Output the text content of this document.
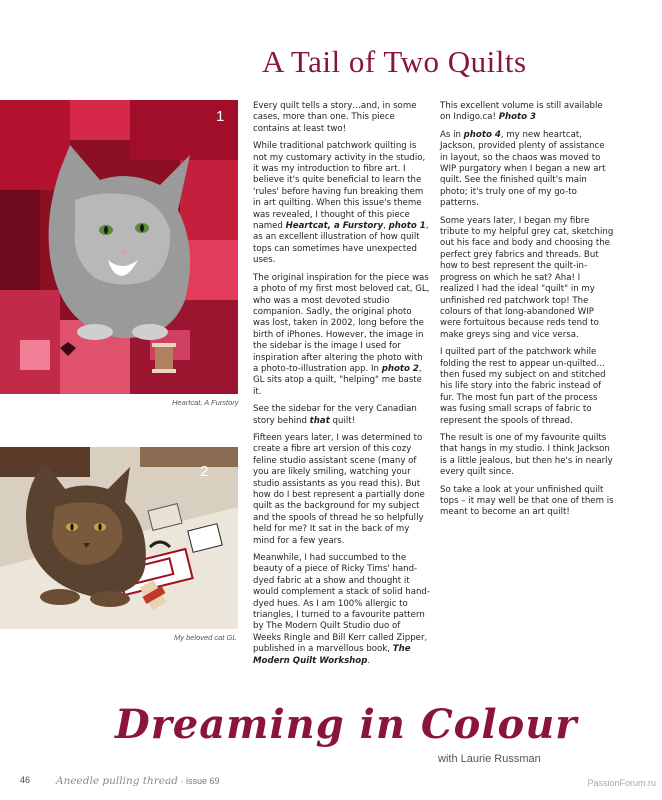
A Tail of Two Quilts
1
Heartcat, A Furstory
2
My beloved cat GL

Every quilt tells a story…and, in some cases, more than one. This piece contains at least two!

While traditional patchwork quilting is not my customary activity in the studio, it was my introduction to fibre art. I believe it's quite beneficial to learn the 'rules' before having fun breaking them in art quilting. When this issue's theme was revealed, I thought of this piece named Heartcat, a Furstory, photo 1, as an excellent illustration of how quilt tops can sometimes have unexpected uses.

The original inspiration for the piece was a photo of my first most beloved cat, GL, who was a most devoted studio companion. Sadly, the original photo was lost, taken in 2002, long before the birth of iPhones. However, the image in the sidebar is the image I used for inspiration after altering the photo with a photo-to-illustration app. In photo 2, GL sits atop a quilt, "helping" me baste it.

See the sidebar for the very Canadian story behind that quilt!

Fifteen years later, I was determined to create a fibre art version of this cozy feline studio assistant scene (many of you are likely smiling, watching your studio assistants as you read this). But how do I best represent a partially done quilt as the background for my subject and the spools of thread he so helpfully held for me? It sat in the back of my mind for a few years.

Meanwhile, I had succumbed to the beauty of a piece of Ricky Tims' hand-dyed fabric at a show and thought it would complement a stack of solid hand-dyed hues. As I am 100% allergic to triangles, I turned to a favourite pattern by The Modern Quilt Studio duo of Weeks Ringle and Bill Kerr called Zipper, published in a marvellous book, The Modern Quilt Workshop.

This excellent volume is still available on Indigo.ca! Photo 3

As in photo 4, my new heartcat, Jackson, provided plenty of assistance in layout, so the chaos was moved to WIP purgatory when I began a new art quilt. See the finished quilt's main photo; it's truly one of my go-to patterns.

Some years later, I began my fibre tribute to my helpful grey cat, sketching out his face and body and choosing the perfect grey fabrics and threads. But how to best represent the quilt-in-progress on which he sat? Aha! I realized I had the ideal "quilt" in my unfinished red patchwork top! The colours of that long-abandoned WIP were fortuitous because reds tend to make greys sing and vice versa.

I quilted part of the patchwork while folding the rest to appear un-quilted… then fused my subject on and stitched his life story into the fabric instead of fur. The most fun part of the process was fusing small scraps of fabric to represent the spools of thread.

The result is one of my favourite quilts that hangs in my studio. I think Jackson is a little jealous, but then he's in nearly every quilt since.

So take a look at your unfinished quilt tops – it may well be that one of them is meant to become an art quilt!

Dreaming in Colour
with Laurie Russman
46 Aneedle pulling thread · issue 69	PassionForum.ru
